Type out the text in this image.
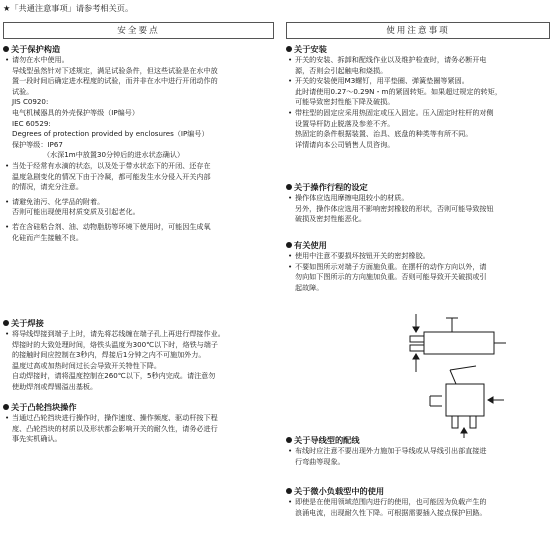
★「共通注意事项」请参考相关页。
安全要点
关于保护构造
• 请勿在水中使用。
导线型虽然针对下述规定，满足试验条件，但这些试验是在水中放
置一段时间后确定进水程度的试验，而并非在水中进行开闭动作的
试验。
JIS C0920:
电气机械器具的外壳保护等级（IP编号）
IEC 60529:
Degrees of protection provided by enclosures（IP编号）
保护等级：IP67
（水深1m中放置30分钟后的进水状态确认）
• 当处于经常有水滴的状态，以及处于带水状态下的开闭、还存在
温度急剧变化的情况下由于冷凝，都可能发生水分侵入开关内部
的情况，请充分注意。
• 请避免油污、化学品的附着。
否则可能出现使用材质变质及引起老化。
• 若在含硅粘合剂、油、动物脂肪等环境下使用时，可能因生成氧
化硅而产生接触不良。
关于焊接
• 将导线焊接到端子上时，请先将芯线缠在端子孔上再进行焊接作业。
焊接时的大致处理时间，烙铁头温度为300℃以下时，烙铁与端子
的接触时间应控制在3秒内，焊接后1分钟之内不可施加外力。
温度过高或加热时间过长会导致开关特性下降。
自动焊接时，请将温度控制在260℃以下，5秒内完成。请注意勿
使助焊剂或焊锡溢出基板。
关于凸轮挡块操作
• 当通过凸轮挡块进行操作时，操作速度、操作频度、驱动杆按下程
度、凸轮挡块的材质以及形状都会影响开关的耐久性，请务必进行
事先实机确认。
使用注意事项
关于安装
• 开关的安装、拆卸和配线作业以及维护检查时，请务必断开电
源，否则会引起触电和烧损。
• 开关的安装使用M3螺钉，用平垫圈、弹簧垫圈等紧固。
此时请使用0.27～0.29N・m的紧固转矩。如果超过规定的转矩，
可能导致密封性能下降及破损。
• 带柱型的固定应采用热固定或压入固定。压入固定时柱杆的对侧
设置导杆防止脱落及参差不齐。
热固定的条件根据装置、治具、底盘的种类等有所不同。
详情请向本公司销售人员咨询。
关于操作行程的设定
• 操作体应选用摩擦电阻较小的材质。
另外，操作体应选用不影响密封橡胶的形状，否则可能导致按钮
破损及密封性能恶化。
有关使用
• 使用中注意不要损坏按钮开关的密封橡胶。
• 不要如图所示对端子方面施负重。在摆杆的动作方向以外，请
勿向如下图所示的方向施加负重。否则可能导致开关破损或引
起故障。
关于导线型的配线
• 布线时应注意不要出现外力施加于导线或从导线引出部直接进
行弯曲等现象。
关于微小负载型中的使用
• 即使是在使用领域范围内进行的使用，也可能因为负载产生的
浪涌电流，出现耐久性下降。可根据需要插入接点保护回路。
